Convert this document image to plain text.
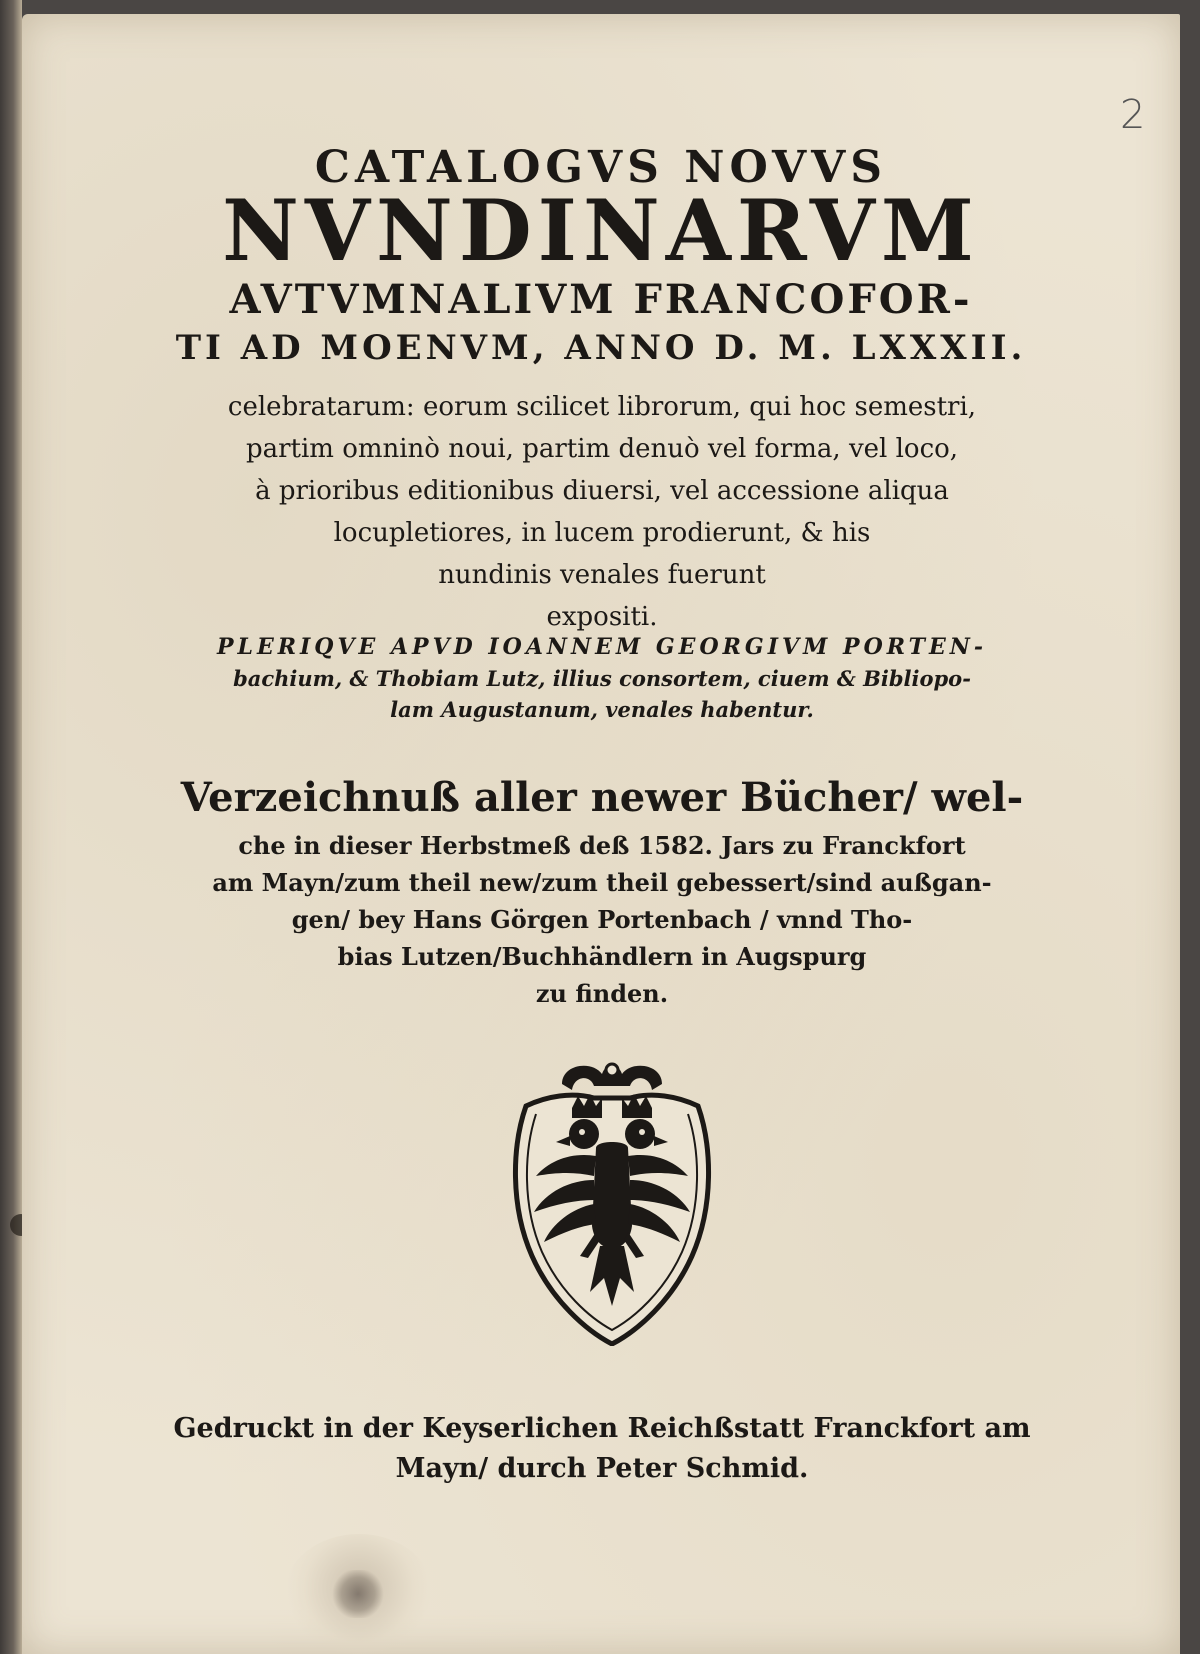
2
CATALOGVS NOVVS
NVNDINARVM
AVTVMNALIVM FRANCOFOR-
TI AD MOENVM, ANNO D. M. LXXXII.
celebratarum: eorum scilicet librorum, qui hoc semestri,
partim omninò noui, partim denuò vel forma, vel loco,
à prioribus editionibus diuersi, vel accessione aliqua
locupletiores, in lucem prodierunt, & his
nundinis venales fuerunt
expositi.
PLERIQVE APVD IOANNEM GEORGIVM PORTEN-
bachium, & Thobiam Lutz, illius consortem, ciuem & Bibliopo-
lam Augustanum, venales habentur.
Verzeichnuß aller newer Bücher/ wel-
che in dieser Herbstmeß deß 1582. Jars zu Franckfort
am Mayn/zum theil new/zum theil gebessert/sind außgan-
gen/ bey Hans Görgen Portenbach / vnnd Tho-
bias Lutzen/Buchhändlern in Augspurg
zu finden.
Gedruckt in der Keyserlichen Reichßstatt Franckfort am
Mayn/ durch Peter Schmid.
